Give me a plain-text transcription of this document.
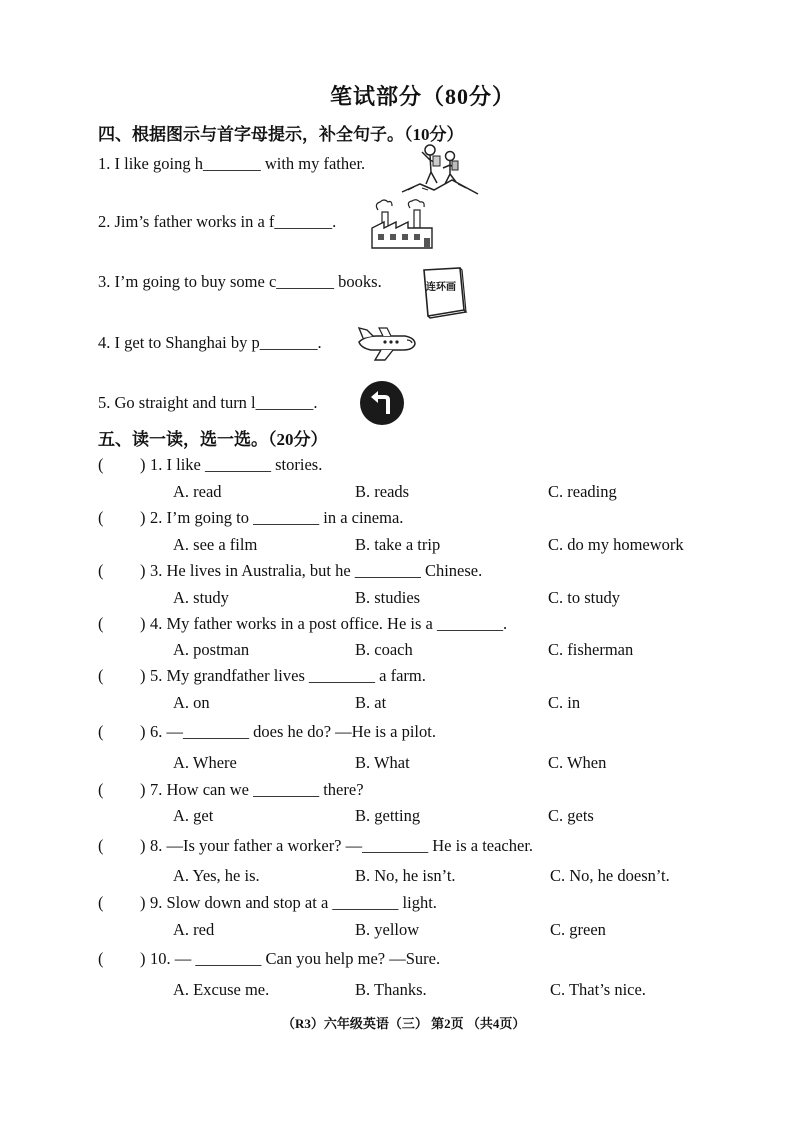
笔试部分（80分）
四、根据图示与首字母提示，补全句子。（10分）
1. I like going h_______ with my father.
2. Jim’s father works in a f_______.
3. I’m going to buy some c_______ books.
4. I get to Shanghai by p_______.
5. Go straight and turn l_______.
连环画
五、读一读，选一选。（20分）
( ) 1. I like ________ stories.
A. read	B. reads	C. reading
( ) 2. I’m going to ________ in a cinema.
A. see a film	B. take a trip	C. do my homework
( ) 3. He lives in Australia, but he ________ Chinese.
A. study	B. studies	C. to study
( ) 4. My father works in a post office. He is a ________.
A. postman	B. coach	C. fisherman
( ) 5. My grandfather lives ________ a farm.
A. on	B. at	C. in
( ) 6. —________ does he do? —He is a pilot.
A. Where	B. What	C. When
( ) 7. How can we ________ there?
A. get	B. getting	C. gets
( ) 8. —Is your father a worker? —________ He is a teacher.
A. Yes, he is.	B. No, he isn’t.	C. No, he doesn’t.
( ) 9. Slow down and stop at a ________ light.
A. red	B. yellow	C. green
( ) 10. — ________ Can you help me? —Sure.
A. Excuse me.	B. Thanks.	C. That’s nice.
（R3）六年级英语（三） 第2页 （共4页）
